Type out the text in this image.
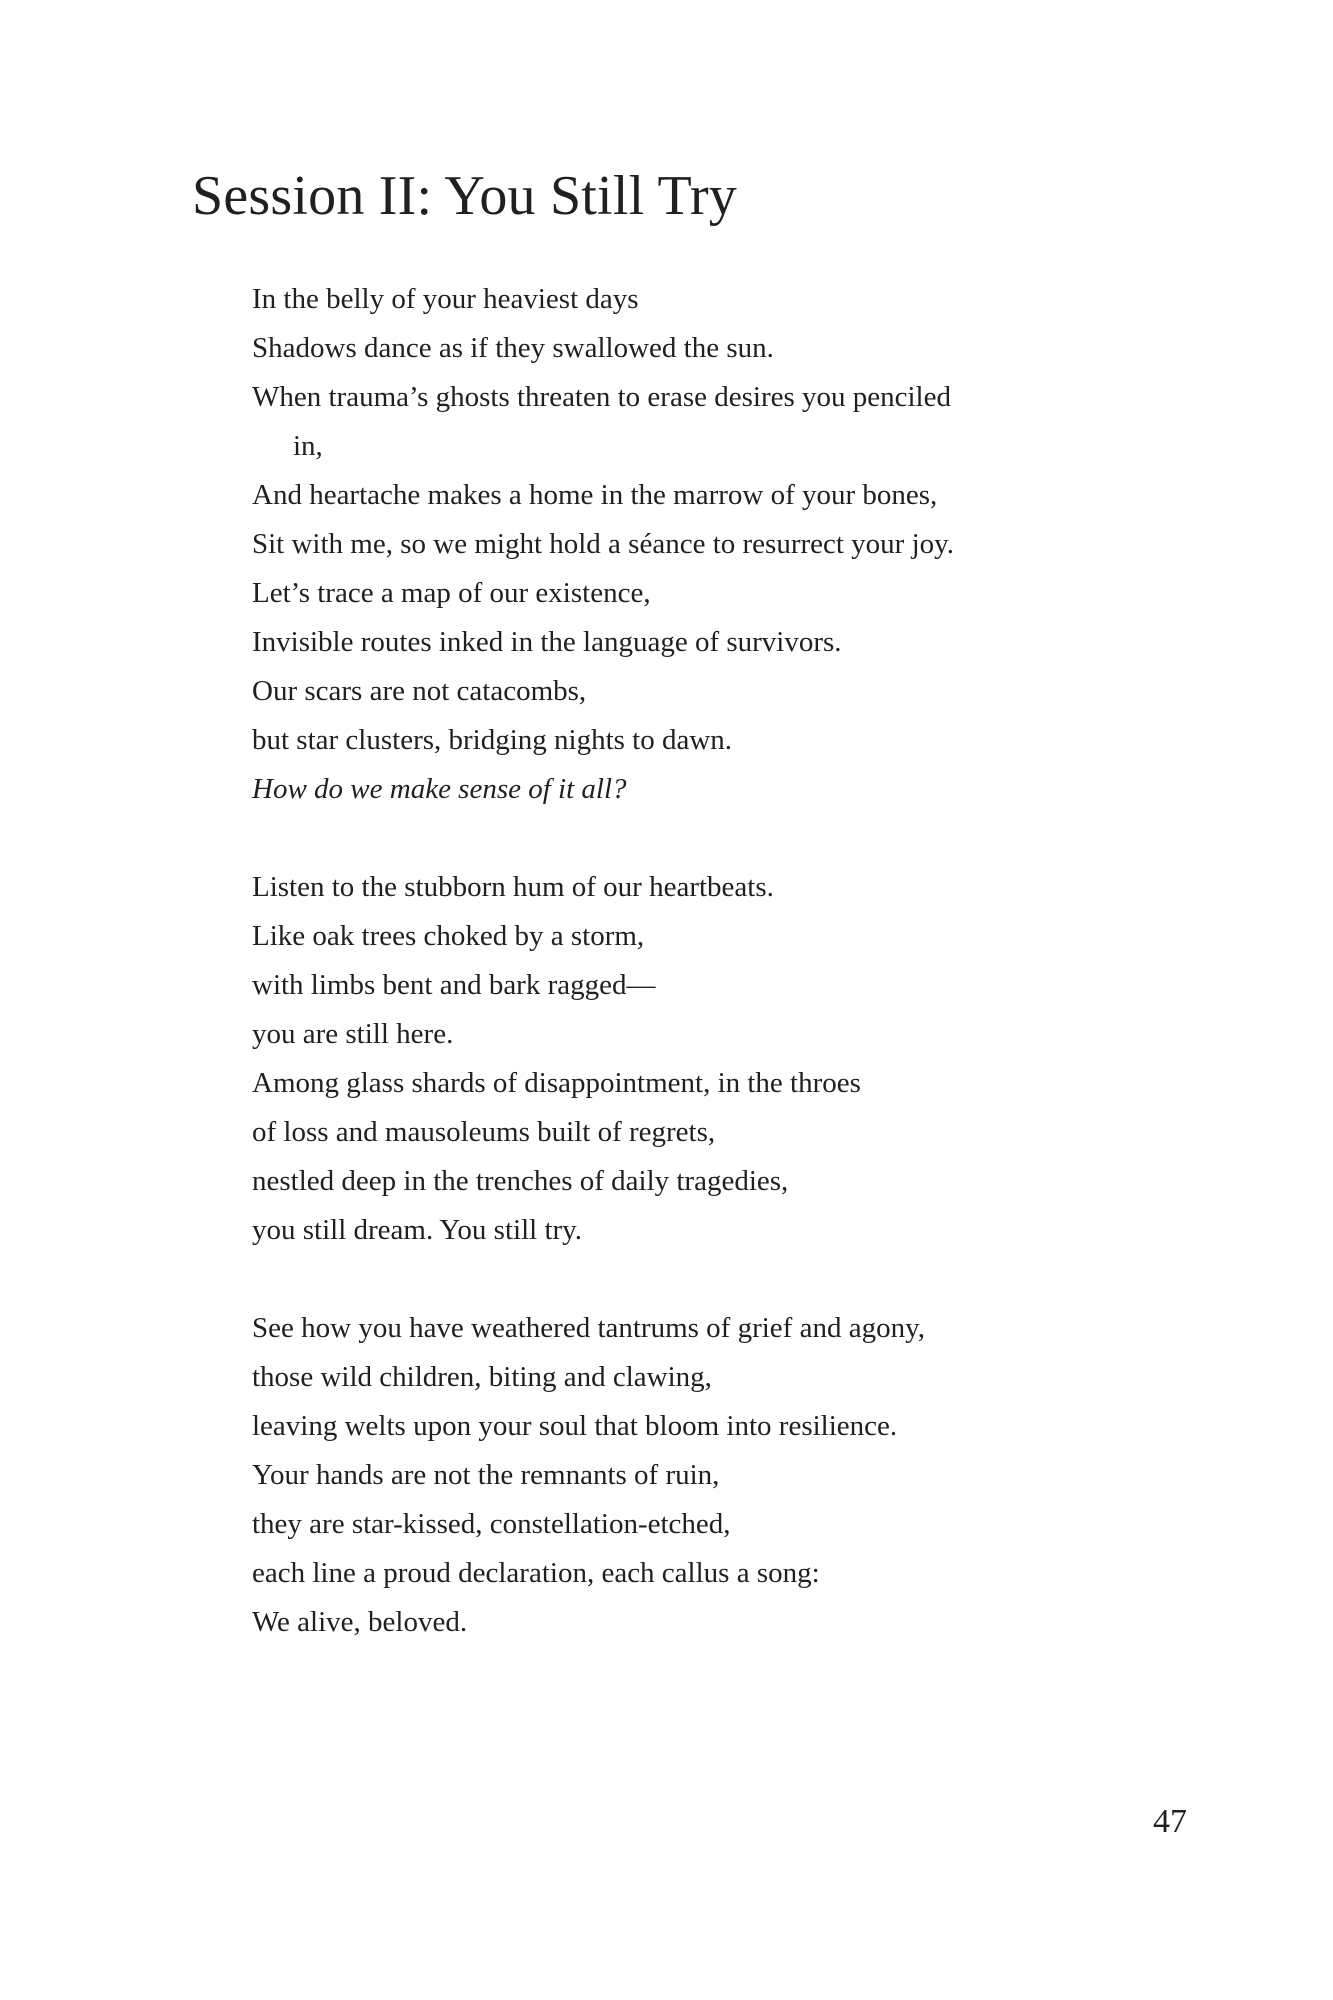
Session II: You Still Try
In the belly of your heaviest days
Shadows dance as if they swallowed the sun.
When trauma’s ghosts threaten to erase desires you penciled
in,
And heartache makes a home in the marrow of your bones,
Sit with me, so we might hold a séance to resurrect your joy.
Let’s trace a map of our existence,
Invisible routes inked in the language of survivors.
Our scars are not catacombs,
but star clusters, bridging nights to dawn.
How do we make sense of it all?
Listen to the stubborn hum of our heartbeats.
Like oak trees choked by a storm,
with limbs bent and bark ragged—
you are still here.
Among glass shards of disappointment, in the throes
of loss and mausoleums built of regrets,
nestled deep in the trenches of daily tragedies,
you still dream. You still try.
See how you have weathered tantrums of grief and agony,
those wild children, biting and clawing,
leaving welts upon your soul that bloom into resilience.
Your hands are not the remnants of ruin,
they are star-kissed, constellation-etched,
each line a proud declaration, each callus a song:
We alive, beloved.
47
